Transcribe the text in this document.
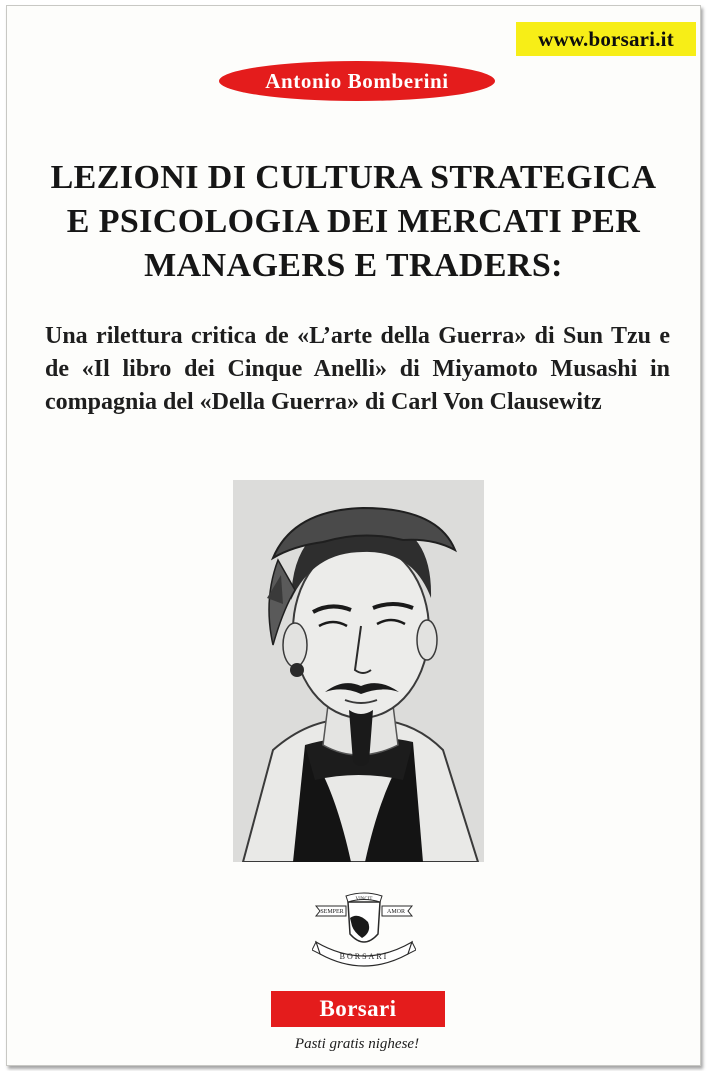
www.borsari.it
Antonio Bomberini
LEZIONI DI CULTURA STRATEGICA
E PSICOLOGIA DEI MERCATI PER
MANAGERS E TRADERS:

Una rilettura critica de «L’arte della Guerra» di Sun Tzu e de «Il libro dei Cinque Anelli» di Miyamoto Musashi in compagnia del «Della Guerra» di Carl Von Clausewitz

VINCIT
SEMPER	AMOR
BORSARI
Borsari
Pasti gratis nighese!
